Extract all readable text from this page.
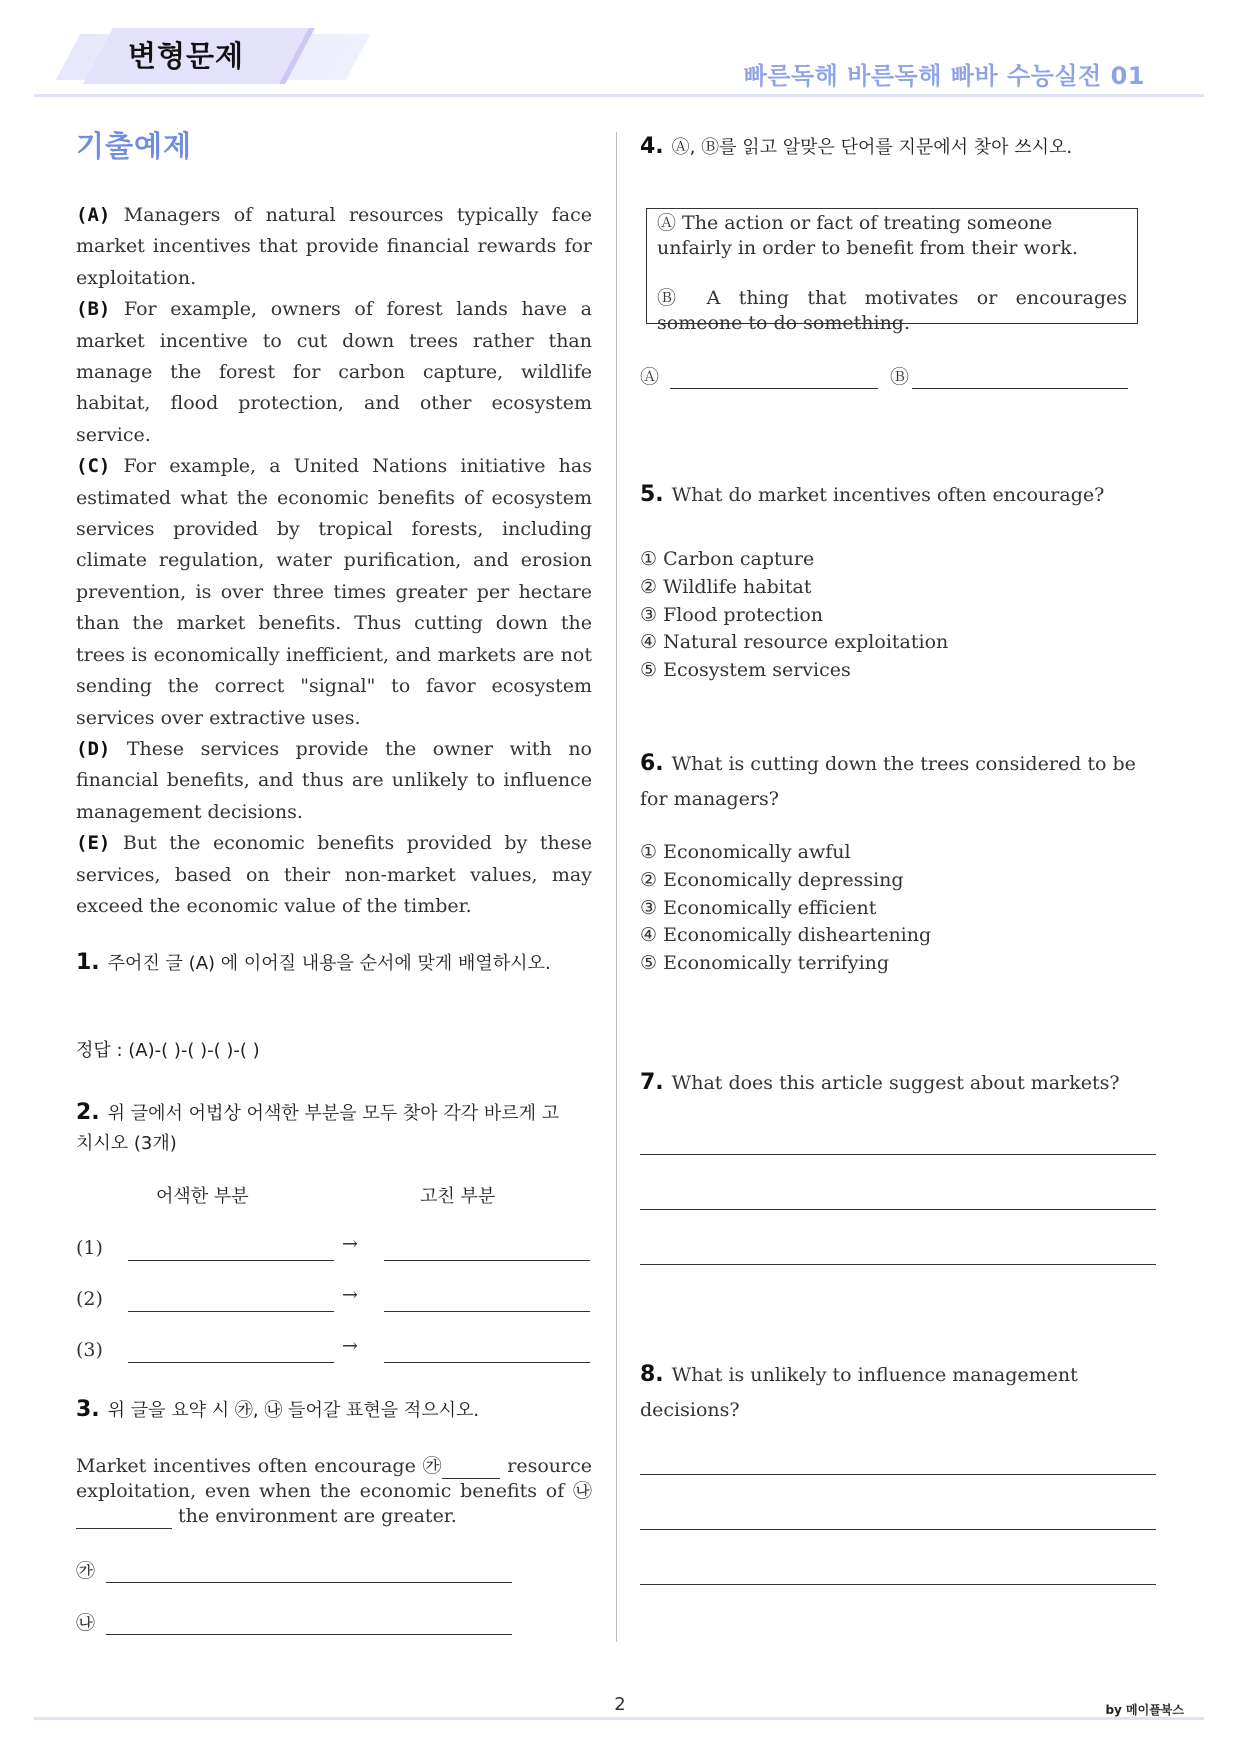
변형문제
빠른독해 바른독해 빠바 수능실전 01
기출예제

(A) Managers of natural resources typically face market incentives that provide financial rewards for exploitation.

(B) For example, owners of forest lands have a market incentive to cut down trees rather than manage the forest for carbon capture, wildlife habitat, flood protection, and other ecosystem service.

(C) For example, a United Nations initiative has estimated what the economic benefits of ecosystem services provided by tropical forests, including climate regulation, water purification, and erosion prevention, is over three times greater per hectare than the market benefits. Thus cutting down the trees is economically inefficient, and markets are not sending the correct "signal" to favor ecosystem services over extractive uses.

(D) These services provide the owner with no financial benefits, and thus are unlikely to influence management decisions.

(E) But the economic benefits provided by these services, based on their non-market values, may exceed the economic value of the timber.

1. 주어진 글 (A) 에 이어질 내용을 순서에 맞게 배열하시오.
정답 : (A)-( )-( )-( )-( )
2. 위 글에서 어법상 어색한 부분을 모두 찾아 각각 바르게 고치시오 (3개)
어색한 부분	고친 부분
(1)	→
(2)	→
(3)	→
3. 위 글을 요약 시 ㉮, ㉯ 들어갈 표현을 적으시오.
Market incentives often encourage ㉮	resource exploitation, even when the economic benefits of ㉯ the environment are greater.
㉮
㉯
4. Ⓐ, Ⓑ를 읽고 알맞은 단어를 지문에서 찾아 쓰시오.
Ⓐ The action or fact of treating someone unfairly in order to benefit from their work.
Ⓑ A thing that motivates or encourages someone to do something.
Ⓐ	Ⓑ
5. What do market incentives often encourage?
① Carbon capture
② Wildlife habitat
③ Flood protection
④ Natural resource exploitation
⑤ Ecosystem services
6. What is cutting down the trees considered to be for managers?
① Economically awful
② Economically depressing
③ Economically efficient
④ Economically disheartening
⑤ Economically terrifying
7. What does this article suggest about markets?
8. What is unlikely to influence management decisions?
2	by 메이플북스
